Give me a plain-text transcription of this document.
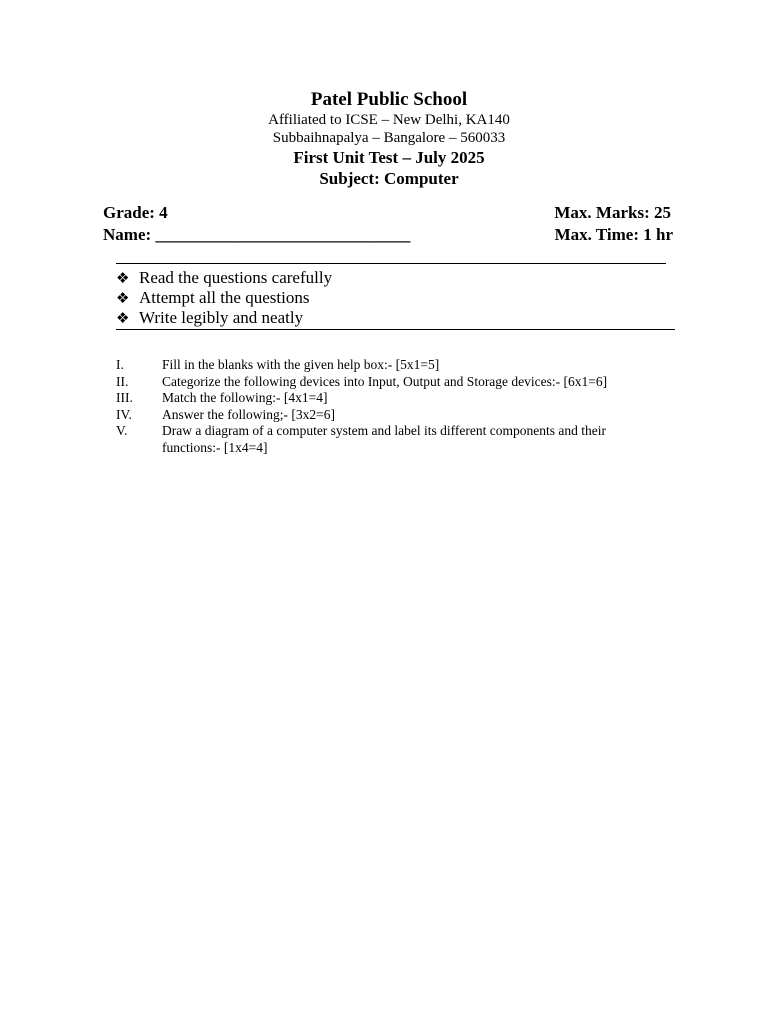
Patel Public School
Affiliated to ICSE – New Delhi, KA140
Subbaihnapalya – Bangalore – 560033
First Unit Test – July 2025
Subject: Computer
Grade: 4	Max. Marks: 25
Name: ______________________________	Max. Time: 1 hr
❖ Read the questions carefully
❖ Attempt all the questions
❖ Write legibly and neatly
I.	Fill in the blanks with the given help box:- [5x1=5]
II.	Categorize the following devices into Input, Output and Storage devices:- [6x1=6]
III.	Match the following:- [4x1=4]
IV.	Answer the following;- [3x2=6]
V.	Draw a diagram of a computer system and label its different components and their functions:- [1x4=4]
